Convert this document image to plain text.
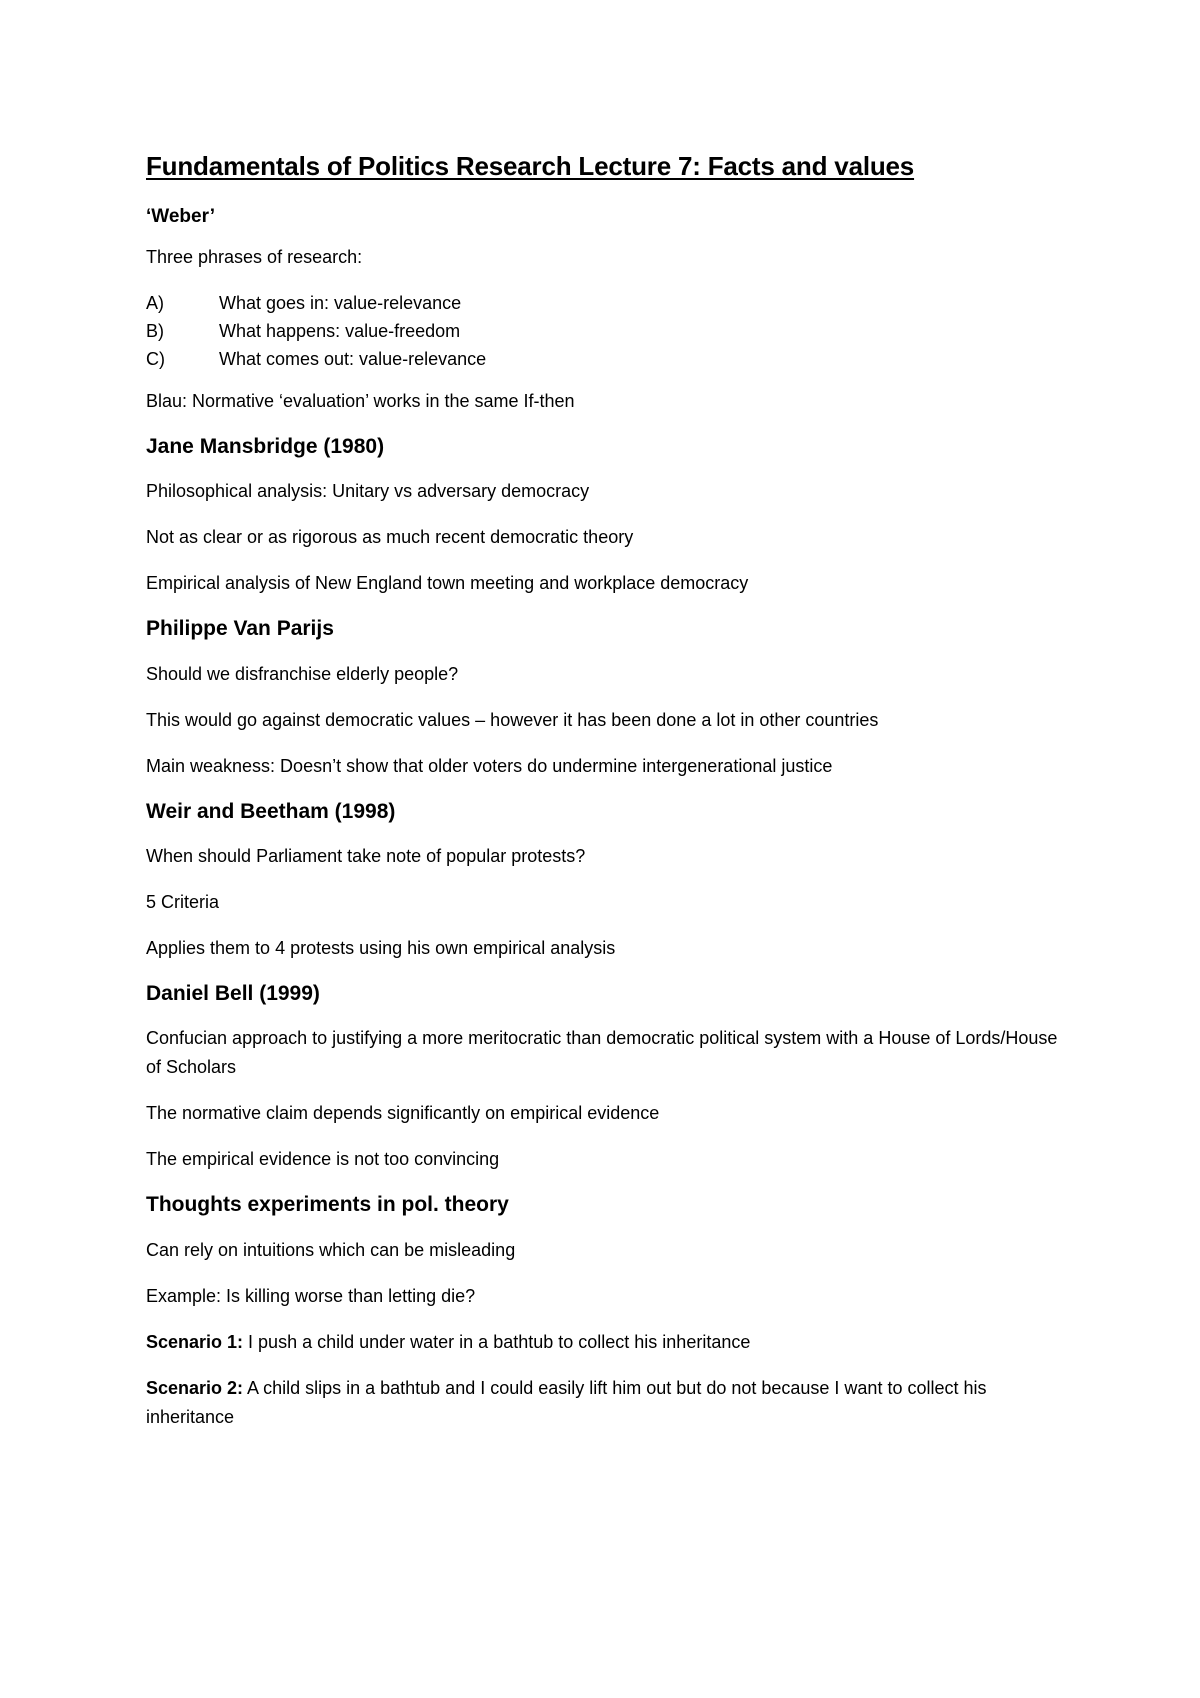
Fundamentals of Politics Research Lecture 7: Facts and values
‘Weber’
Three phrases of research:
A)	What goes in: value-relevance
B)	What happens: value-freedom
C)	What comes out: value-relevance
Blau: Normative ‘evaluation’ works in the same If-then
Jane Mansbridge (1980)
Philosophical analysis: Unitary vs adversary democracy
Not as clear or as rigorous as much recent democratic theory
Empirical analysis of New England town meeting and workplace democracy
Philippe Van Parijs
Should we disfranchise elderly people?
This would go against democratic values – however it has been done a lot in other countries
Main weakness: Doesn’t show that older voters do undermine intergenerational justice
Weir and Beetham (1998)
When should Parliament take note of popular protests?
5 Criteria
Applies them to 4 protests using his own empirical analysis
Daniel Bell (1999)
Confucian approach to justifying a more meritocratic than democratic political system with a House of Lords/House of Scholars
The normative claim depends significantly on empirical evidence
The empirical evidence is not too convincing
Thoughts experiments in pol. theory
Can rely on intuitions which can be misleading
Example: Is killing worse than letting die?
Scenario 1: I push a child under water in a bathtub to collect his inheritance
Scenario 2: A child slips in a bathtub and I could easily lift him out but do not because I want to collect his inheritance
